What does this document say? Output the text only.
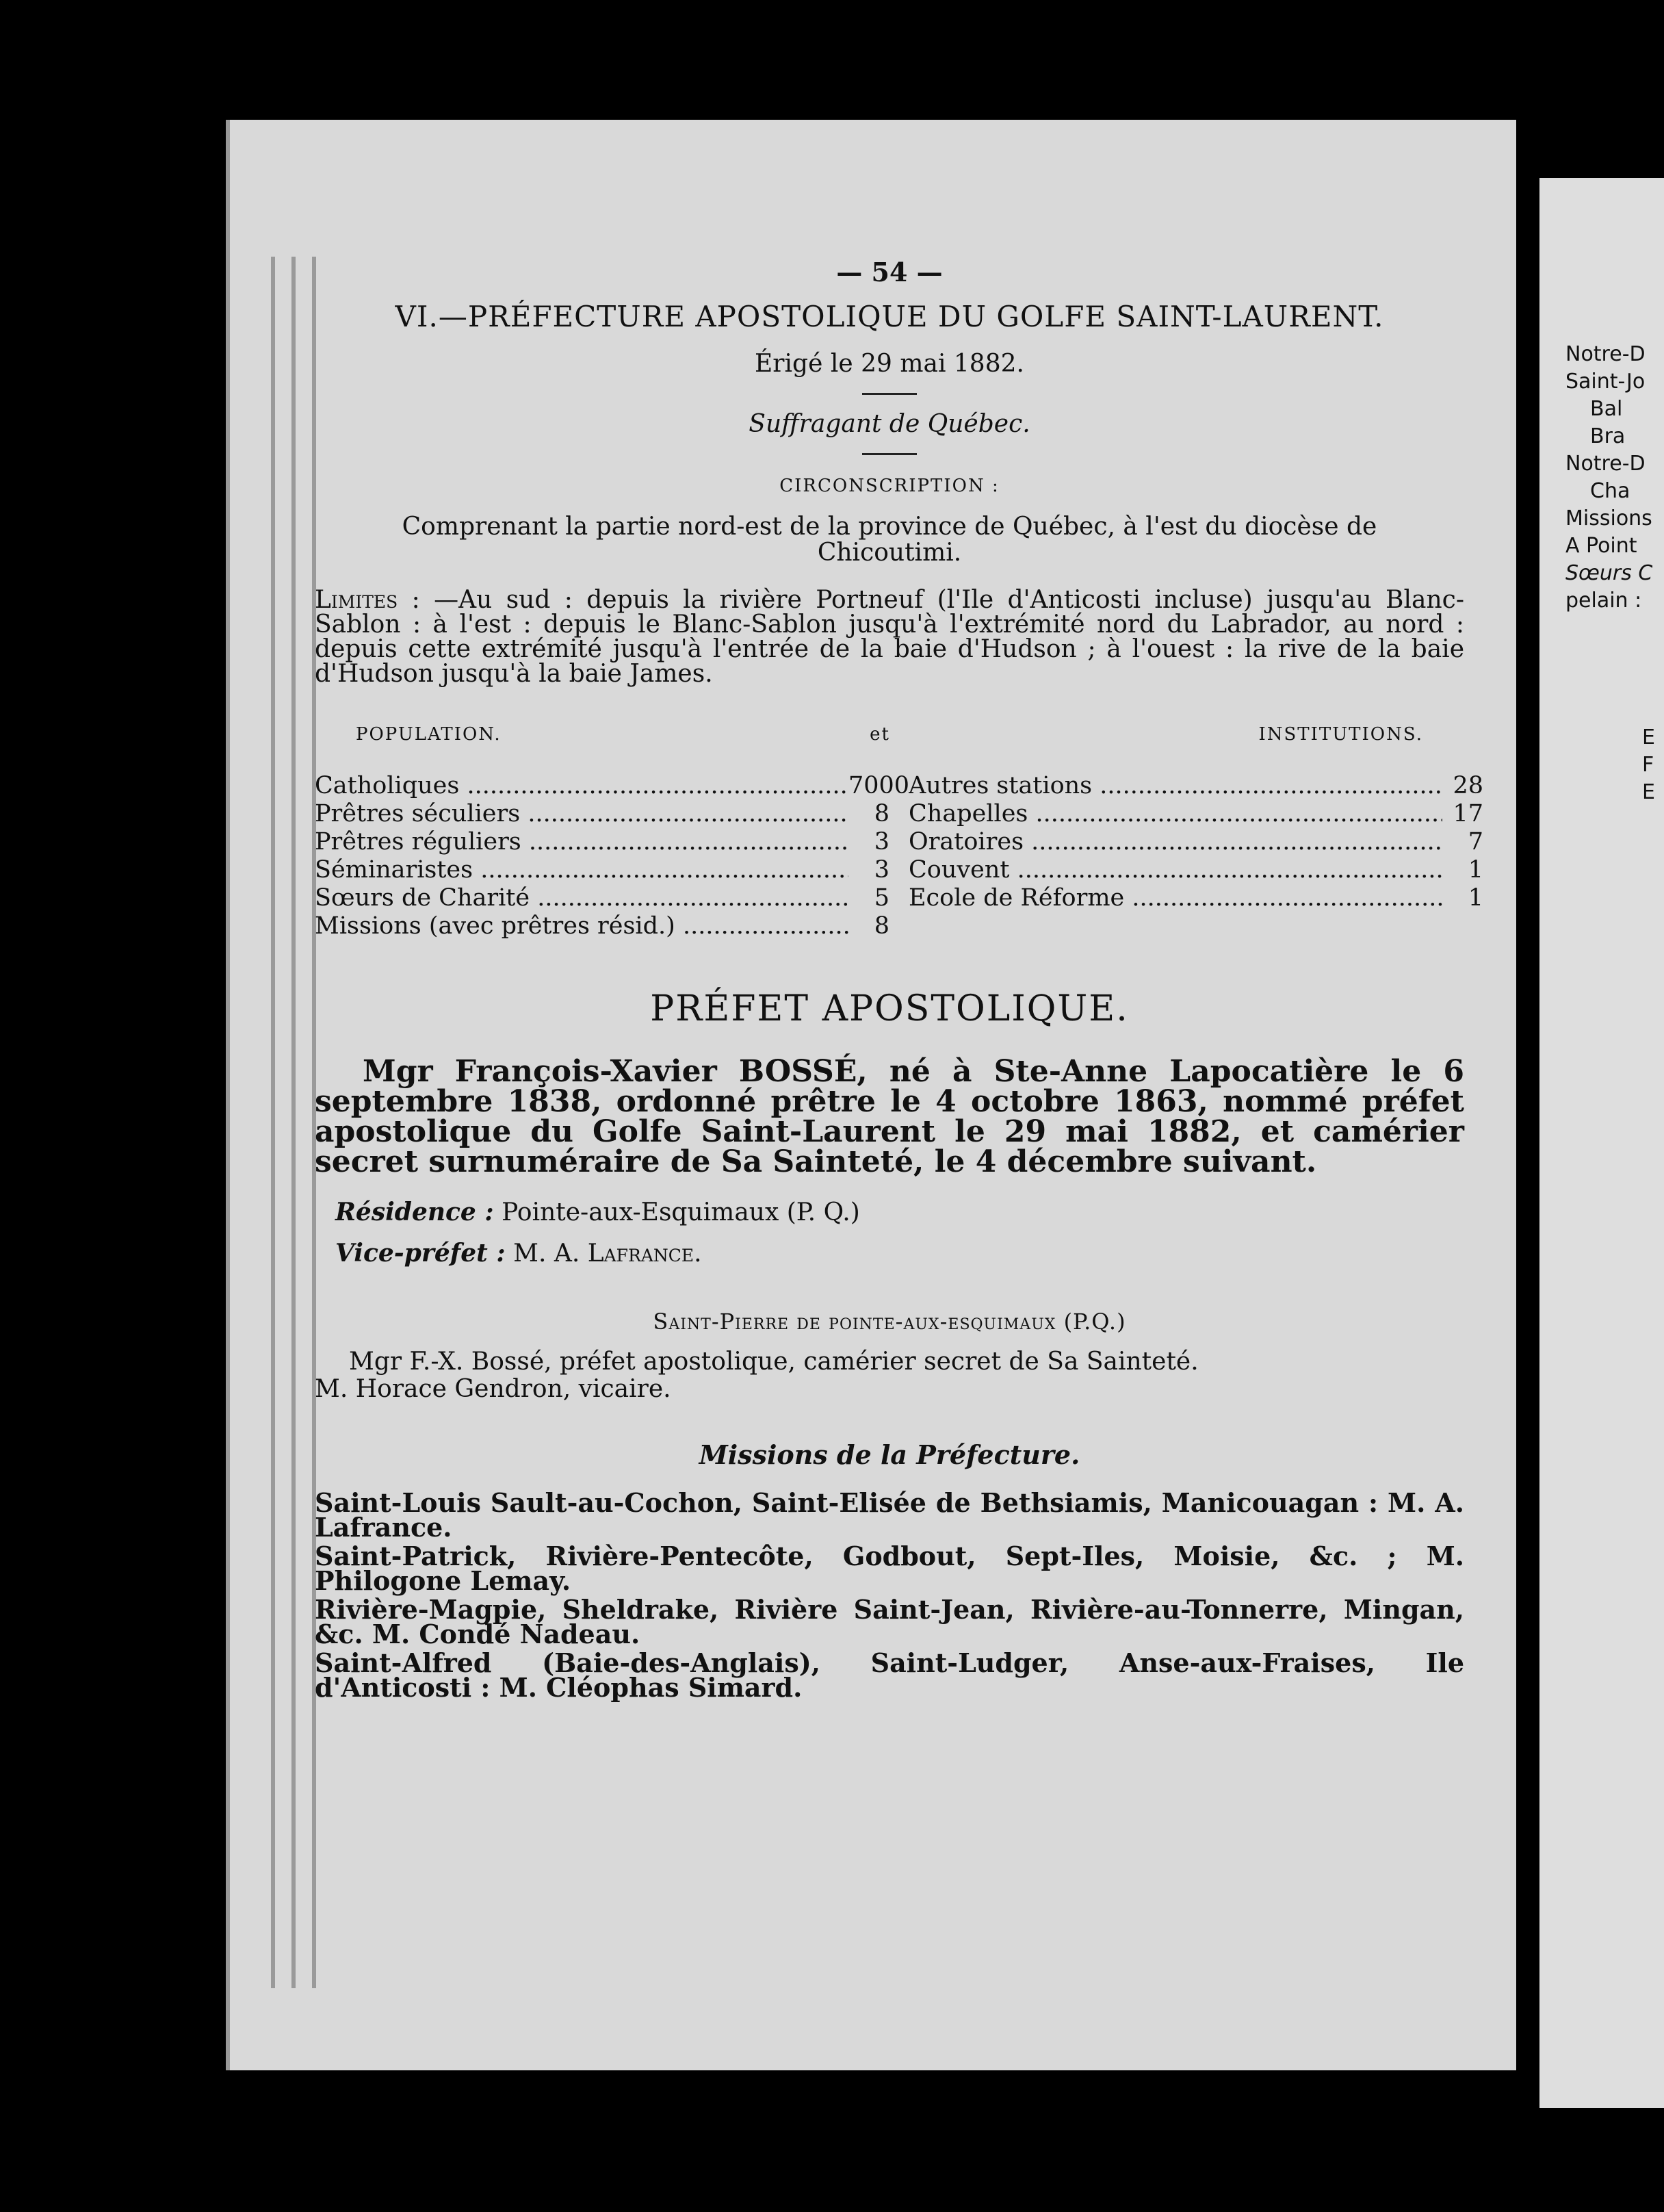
Notre-D
Saint-Jo
Bal
Bra
Notre-D
Cha
Missions
A Point
Sœurs C
pelain :
E
F
E
— 54 —
VI.—PRÉFECTURE APOSTOLIQUE DU GOLFE SAINT-LAURENT.
Érigé le 29 mai 1882.
Suffragant de Québec.
CIRCONSCRIPTION :
Comprenant la partie nord-est de la province de Québec, à l'est du diocèse de Chicoutimi.
Limites : —Au sud : depuis la rivière Portneuf (l'Ile d'Anticosti incluse) jusqu'au Blanc-Sablon : à l'est : depuis le Blanc-Sablon jusqu'à l'extrémité nord du Labrador, au nord : depuis cette extrémité jusqu'à l'entrée de la baie d'Hudson ; à l'ouest : la rive de la baie d'Hudson jusqu'à la baie James.
POPULATION.	et	INSTITUTIONS.
Catholiques .....	7000
Prêtres séculiers .....	8
Prêtres réguliers .....	3
Séminaristes .....	3
Sœurs de Charité .....	5
Missions (avec prêtres résid.) .....	8
Autres stations .....	28
Chapelles .....	17
Oratoires .....	7
Couvent .....	1
Ecole de Réforme .....	1
PRÉFET APOSTOLIQUE.
Mgr François-Xavier BOSSÉ, né à Ste-Anne Lapocatière le 6 septembre 1838, ordonné prêtre le 4 octobre 1863, nommé préfet apostolique du Golfe Saint-Laurent le 29 mai 1882, et camérier secret surnuméraire de Sa Sainteté, le 4 décembre suivant.
Résidence : Pointe-aux-Esquimaux (P. Q.)
Vice-préfet : M. A. Lafrance.
Saint-Pierre de pointe-aux-esquimaux (P.Q.)
Mgr F.-X. Bossé, préfet apostolique, camérier secret de Sa Sainteté.
M. Horace Gendron, vicaire.
Missions de la Préfecture.
Saint-Louis Sault-au-Cochon, Saint-Elisée de Bethsiamis, Manicouagan : M. A. Lafrance.
Saint-Patrick, Rivière-Pentecôte, Godbout, Sept-Iles, Moisie, &c. ; M. Philogone Lemay.
Rivière-Magpie, Sheldrake, Rivière Saint-Jean, Rivière-au-Tonnerre, Mingan, &c. M. Condé Nadeau.
Saint-Alfred (Baie-des-Anglais), Saint-Ludger, Anse-aux-Fraises, Ile d'Anticosti : M. Cléophas Simard.
